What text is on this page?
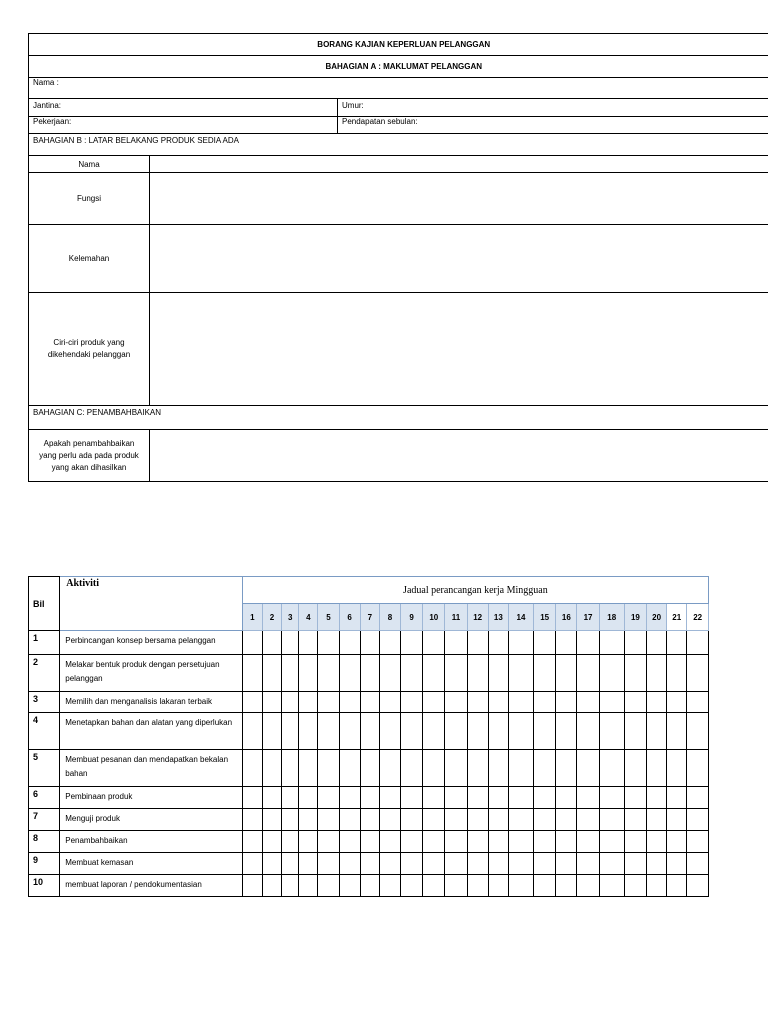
BORANG KAJIAN KEPERLUAN PELANGGAN		
BAHAGIAN A : MAKLUMAT PELANGGAN		
Nama :		
Jantina:		Umur:
Pekerjaan:		Pendapatan sebulan:
BAHAGIAN B : LATAR BELAKANG PRODUK SEDIA ADA		
Nama		
Fungsi		
Kelemahan		
Ciri-ciri produk yang dikehendaki pelanggan		
BAHAGIAN C: PENAMBAHBAIKAN		
Apakah penambahbaikan yang perlu ada pada produk yang akan dihasilkan		
Bil	Aktiviti	Jadual perancangan kerja Mingguan																					
		1	2	3	4	5	6	7	8	9	10	11	12	13	14	15	16	17	18	19	20	21	22
1	Perbincangan konsep bersama pelanggan																						
2	Melakar bentuk produk dengan persetujuan pelanggan																						
3	Memilih dan menganalisis lakaran terbaik																						
4	Menetapkan bahan dan alatan yang diperlukan																						
5	Membuat pesanan dan mendapatkan bekalan bahan																						
6	Pembinaan produk																						
7	Menguji produk																						
8	Penambahbaikan																						
9	Membuat kemasan																						
10	membuat laporan / pendokumentasian																						
